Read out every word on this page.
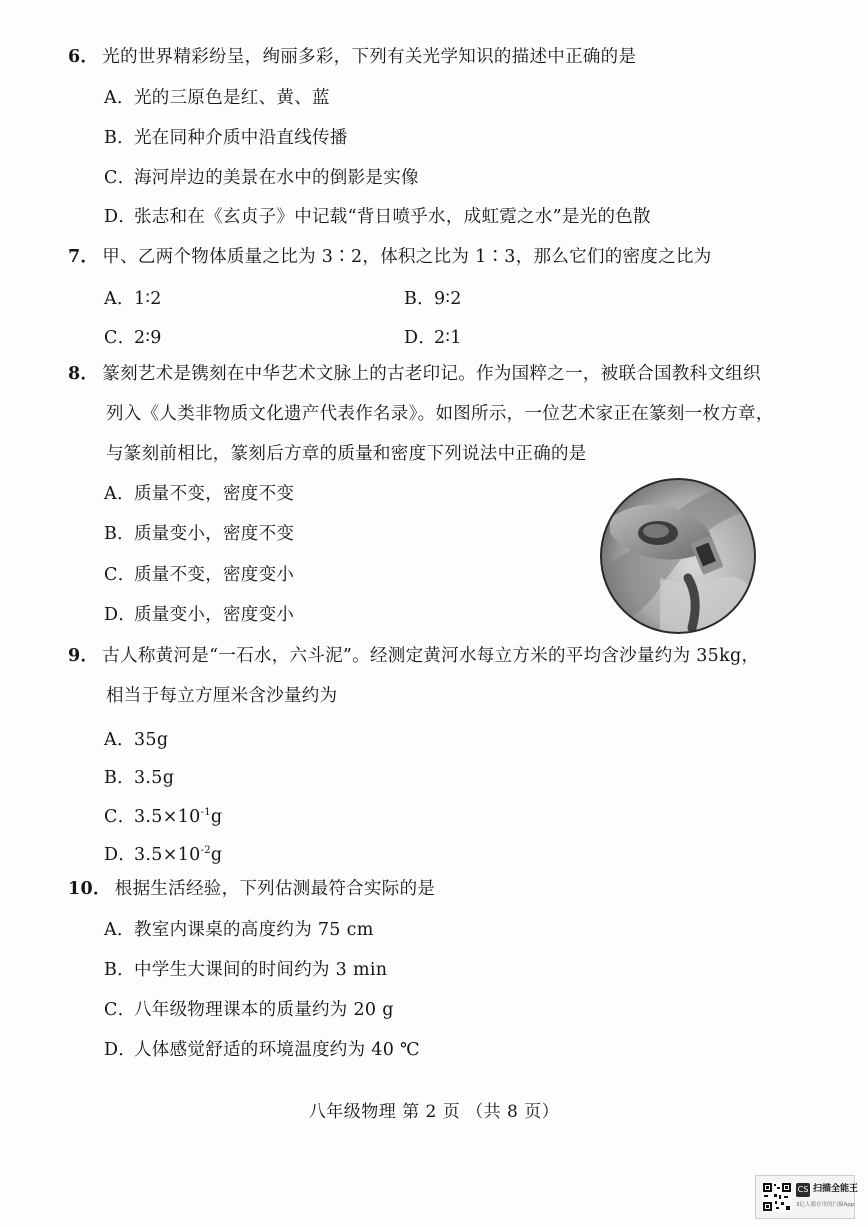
6． 光的世界精彩纷呈，绚丽多彩，下列有关光学知识的描述中正确的是

A．光的三原色是红、黄、蓝

B．光在同种介质中沿直线传播

C．海河岸边的美景在水中的倒影是实像

D．张志和在《玄贞子》中记载“背日喷乎水，成虹霓之水”是光的色散

7． 甲、乙两个物体质量之比为 3∶2，体积之比为 1∶3，那么它们的密度之比为

A．1∶2	B．9∶2

C．2∶9	D．2∶1

8． 篆刻艺术是镌刻在中华艺术文脉上的古老印记。作为国粹之一，被联合国教科文组织

列入《人类非物质文化遗产代表作名录》。如图所示，一位艺术家正在篆刻一枚方章，

与篆刻前相比，篆刻后方章的质量和密度下列说法中正确的是

A．质量不变，密度不变

B．质量变小，密度不变

C．质量不变，密度变小

D．质量变小，密度变小

9． 古人称黄河是“一石水，六斗泥”。经测定黄河水每立方米的平均含沙量约为 35kg，

相当于每立方厘米含沙量约为

A．35g

B．3.5g

C．$3.5\times 10^{-1}g$

D．$3.5\times 10^{-2}g$

10． 根据生活经验，下列估测最符合实际的是

A．教室内课桌的高度约为 75 cm

B．中学生大课间的时间约为 3 min

C．八年级物理课本的质量约为 20 g

D．人体感觉舒适的环境温度约为 40 ℃

八年级物理 第 2 页 （共 8 页）
CS 扫描全能王
3亿人都在用的扫描App
